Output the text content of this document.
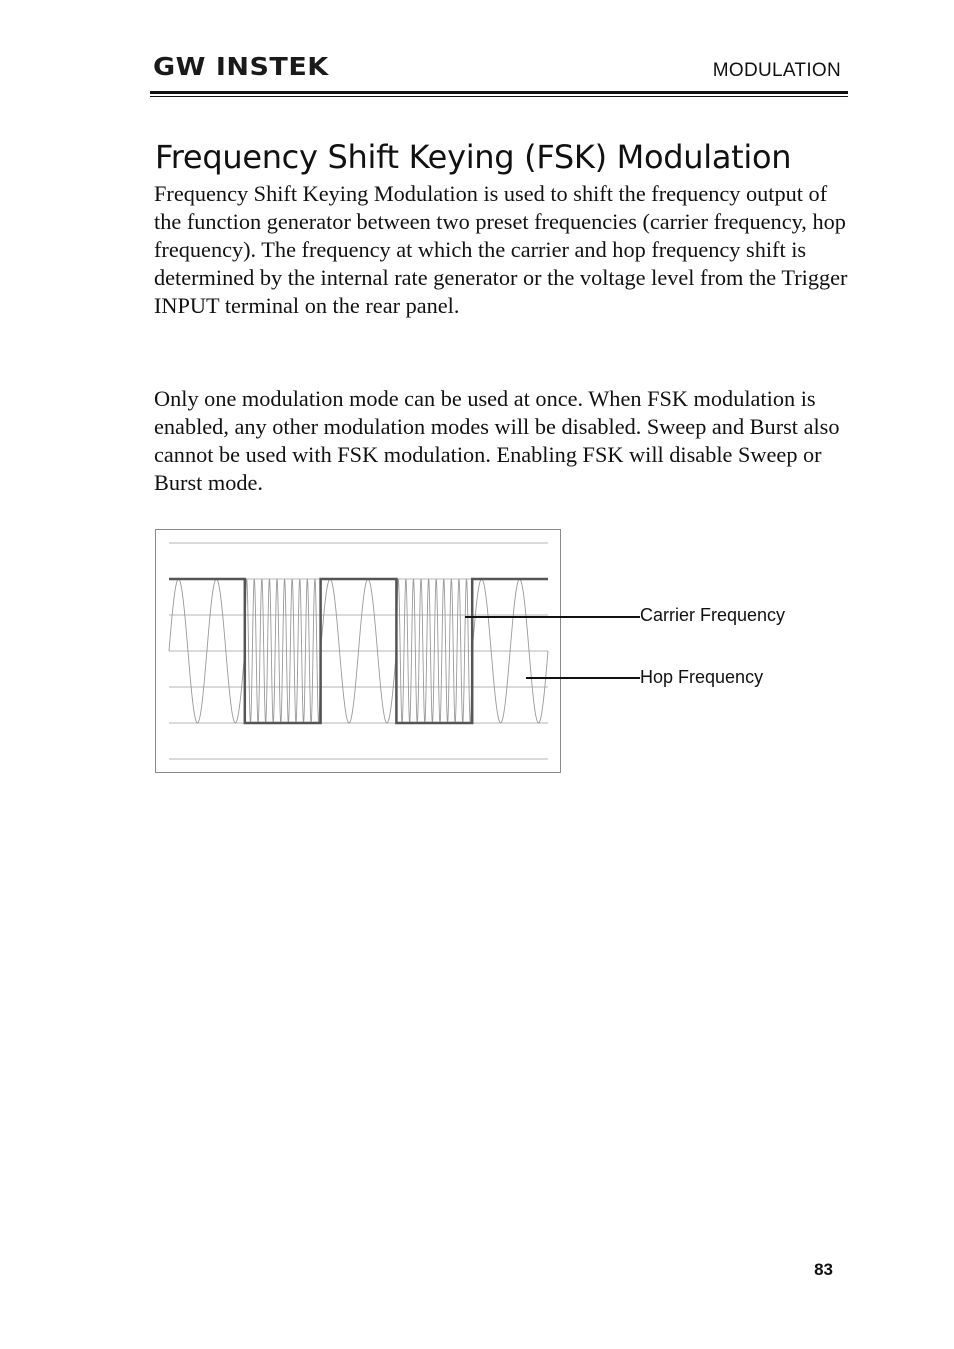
GW INSTEK	MODULATION
Frequency Shift Keying (FSK) Modulation

Frequency Shift Keying Modulation is used to shift the frequency output of the function generator between two preset frequencies (carrier frequency, hop frequency). The frequency at which the carrier and hop frequency shift is determined by the internal rate generator or the voltage level from the Trigger INPUT terminal on the rear panel.

Only one modulation mode can be used at once. When FSK modulation is enabled, any other modulation modes will be disabled. Sweep and Burst also cannot be used with FSK modulation. Enabling FSK will disable Sweep or Burst mode.

Carrier Frequency
Hop Frequency
83
